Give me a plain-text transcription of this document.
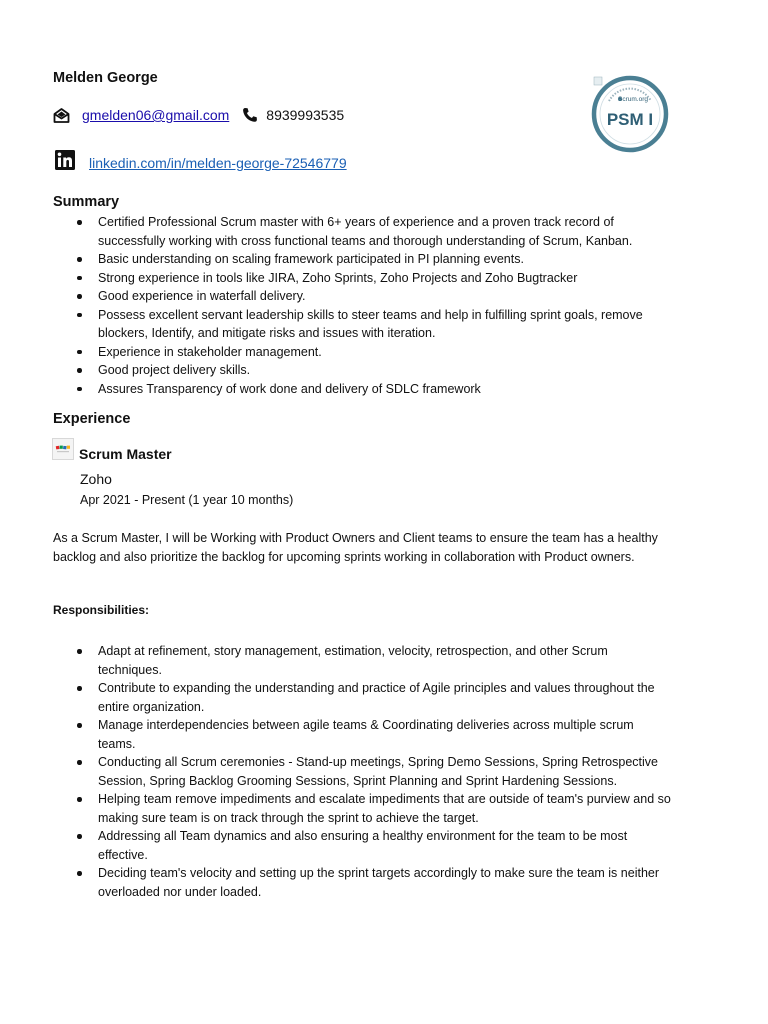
Melden George
gmelden06@gmail.com	8939993535
linkedin.com/in/melden-george-72546779
Scrum.org
PSM I
Summary
Certified Professional Scrum master with 6+ years of experience and a proven track record of successfully working with cross functional teams and thorough understanding of Scrum, Kanban.
Basic understanding on scaling framework participated in PI planning events.
Strong experience in tools like JIRA, Zoho Sprints, Zoho Projects and Zoho Bugtracker
Good experience in waterfall delivery.
Possess excellent servant leadership skills to steer teams and help in fulfilling sprint goals, remove blockers, Identify, and mitigate risks and issues with iteration.
Experience in stakeholder management.
Good project delivery skills.
Assures Transparency of work done and delivery of SDLC framework
Experience
Scrum Master
Zoho
Apr 2021 - Present (1 year 10 months)
As a Scrum Master, I will be Working with Product Owners and Client teams to ensure the team has a healthy backlog and also prioritize the backlog for upcoming sprints working in collaboration with Product owners.
Responsibilities:
Adapt at refinement, story management, estimation, velocity, retrospection, and other Scrum techniques.
Contribute to expanding the understanding and practice of Agile principles and values throughout the entire organization.
Manage interdependencies between agile teams & Coordinating deliveries across multiple scrum teams.
Conducting all Scrum ceremonies - Stand-up meetings, Spring Demo Sessions, Spring Retrospective Session, Spring Backlog Grooming Sessions, Sprint Planning and Sprint Hardening Sessions.
Helping team remove impediments and escalate impediments that are outside of team's purview and so making sure team is on track through the sprint to achieve the target.
Addressing all Team dynamics and also ensuring a healthy environment for the team to be most effective.
Deciding team's velocity and setting up the sprint targets accordingly to make sure the team is neither overloaded nor under loaded.
